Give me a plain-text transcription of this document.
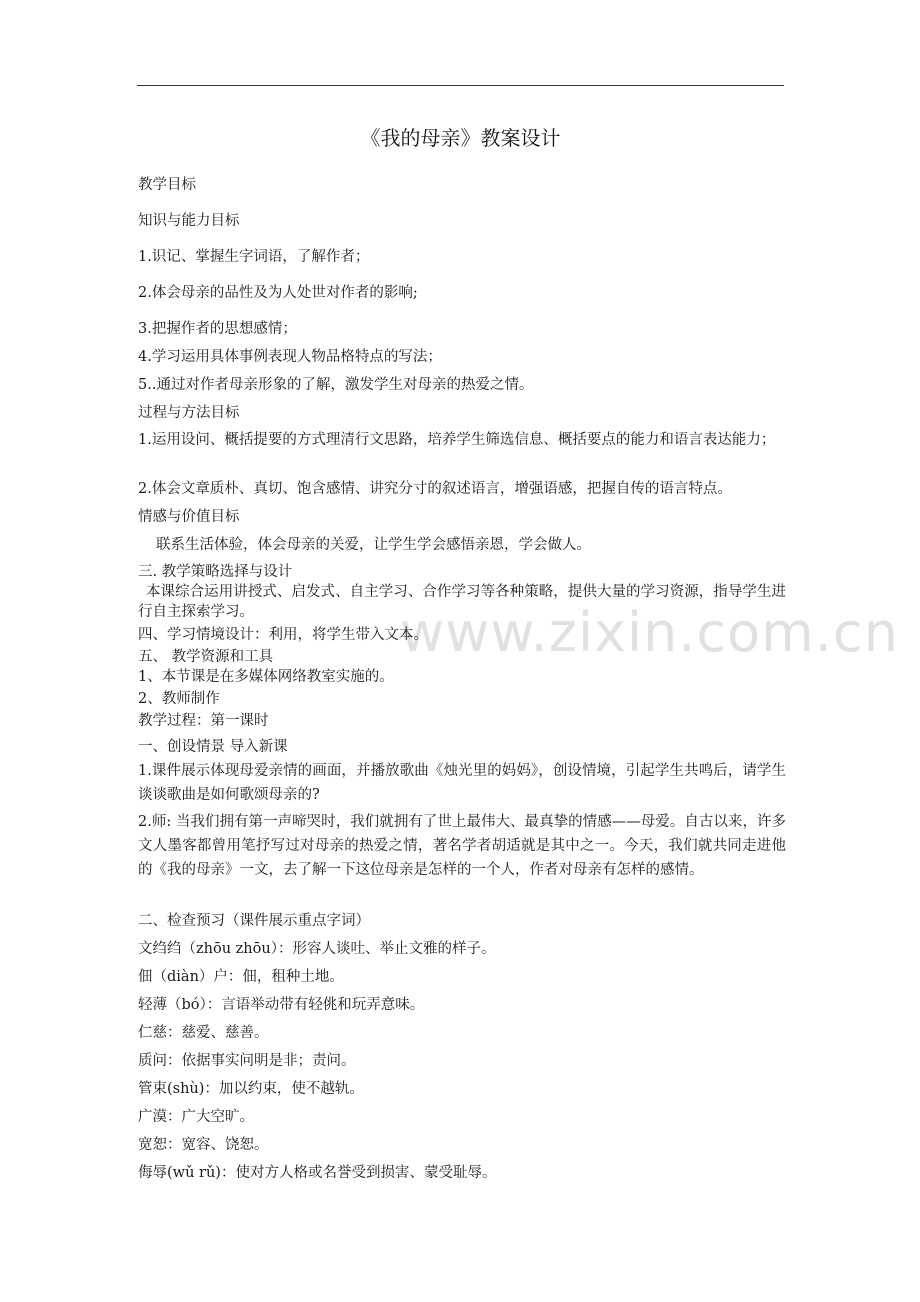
www.zixin.com.cn
《我的母亲》教案设计
教学目标
知识与能力目标
1.识记、掌握生字词语，了解作者；
2.体会母亲的品性及为人处世对作者的影响;
3.把握作者的思想感情；
4.学习运用具体事例表现人物品格特点的写法；
5..通过对作者母亲形象的了解，激发学生对母亲的热爱之情。
过程与方法目标
1.运用设问、概括提要的方式理清行文思路，培养学生筛选信息、概括要点的能力和语言表达能力；
2.体会文章质朴、真切、饱含感情、讲究分寸的叙述语言，增强语感，把握自传的语言特点。
情感与价值目标
联系生活体验，体会母亲的关爱，让学生学会感悟亲恩，学会做人。
三. 教学策略选择与设计
本课综合运用讲授式、启发式、自主学习、合作学习等各种策略，提供大量的学习资源，指导学生进行自主探索学习。
四、学习情境设计：利用，将学生带入文本。
五、 教学资源和工具
1、本节课是在多媒体网络教室实施的。
2、教师制作
教学过程：第一课时
一、创设情景 导入新课
1.课件展示体现母爱亲情的画面，并播放歌曲《烛光里的妈妈》，创设情境，引起学生共鸣后，请学生谈谈歌曲是如何歌颂母亲的?
2.师: 当我们拥有第一声啼哭时，我们就拥有了世上最伟大、最真挚的情感——母爱。自古以来，许多文人墨客都曾用笔抒写过对母亲的热爱之情，著名学者胡适就是其中之一。今天，我们就共同走进他的《我的母亲》一文，去了解一下这位母亲是怎样的一个人，作者对母亲有怎样的感情。
二、检查预习（课件展示重点字词）
文绉绉（zhōu zhōu）：形容人谈吐、举止文雅的样子。
佃（diàn）户：佃，租种土地。
轻薄（bó）：言语举动带有轻佻和玩弄意味。
仁慈：慈爱、慈善。
质问：依据事实问明是非；责问。
管束(shù)：加以约束，使不越轨。
广漠：广大空旷。
宽恕：宽容、饶恕。
侮辱(wǔ rǔ)：使对方人格或名誉受到损害、蒙受耻辱。
